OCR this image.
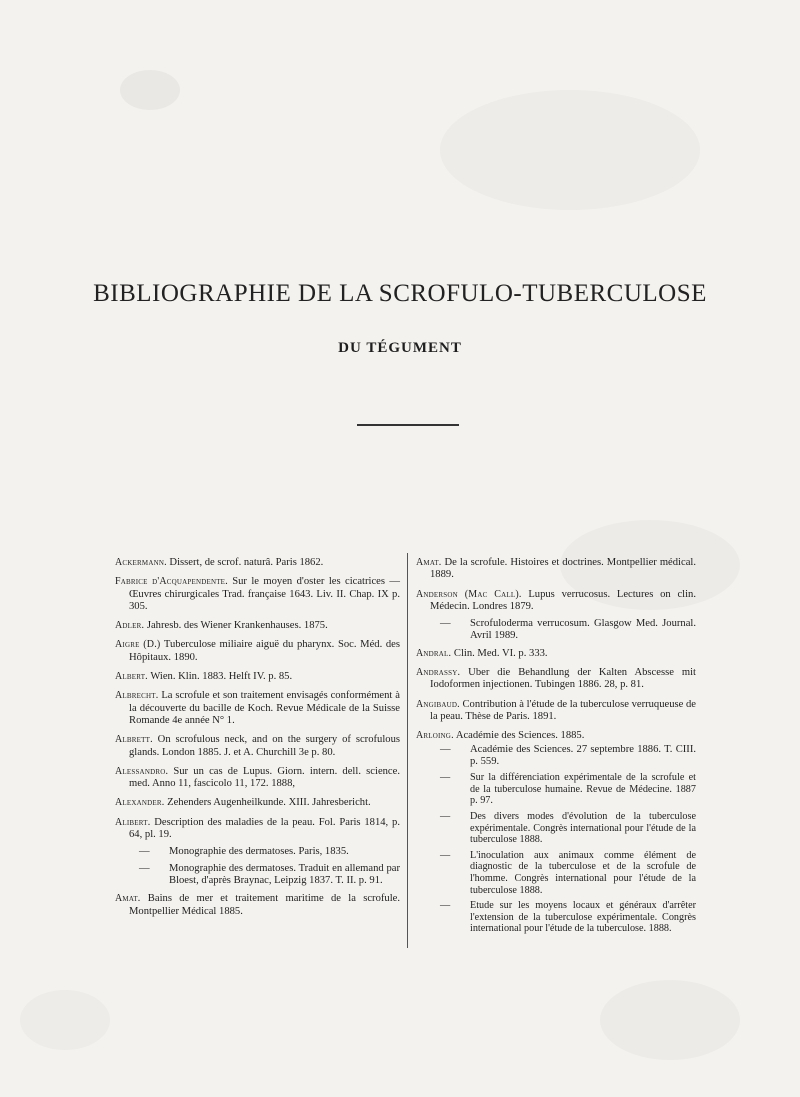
BIBLIOGRAPHIE DE LA SCROFULO-TUBERCULOSE
DU TÉGUMENT
Ackermann. Dissert, de scrof. naturâ. Paris 1862.
Fabrice d'Acquapendente. Sur le moyen d'oster les cicatrices — Œuvres chirurgicales Trad. française 1643. Liv. II. Chap. IX p. 305.
Adler. Jahresb. des Wiener Krankenhauses. 1875.
Aigre (D.) Tuberculose miliaire aiguë du pharynx. Soc. Méd. des Hôpitaux. 1890.
Albert. Wien. Klin. 1883. Helft IV. p. 85.
Albrecht. La scrofule et son traitement envisagés conformément à la découverte du bacille de Koch. Revue Médicale de la Suisse Romande 4e année N° 1.
Albrett. On scrofulous neck, and on the surgery of scrofulous glands. London 1885. J. et A. Churchill 3e p. 80.
Alessandro. Sur un cas de Lupus. Giorn. intern. dell. science. med. Anno 11, fascicolo 11, 172. 1888,
Alexander. Zehenders Augenheilkunde. XIII. Jahresbericht.
Alibert. Description des maladies de la peau. Fol. Paris 1814, p. 64, pl. 19.
— Monographie des dermatoses. Paris, 1835.
— Monographie des dermatoses. Traduit en allemand par Bloest, d'après Braynac, Leipzig 1837. T. II. p. 91.
Amat. Bains de mer et traitement maritime de la scrofule. Montpellier Médical 1885.
Amat. De la scrofule. Histoires et doctrines. Montpellier médical. 1889.
Anderson (Mac Call). Lupus verrucosus. Lectures on clin. Médecin. Londres 1879.
— Scrofuloderma verrucosum. Glasgow Med. Journal. Avril 1989.
Andral. Clin. Med. VI. p. 333.
Andrassy. Uber die Behandlung der Kalten Abscesse mit Iodoformen injectionen. Tubingen 1886. 28, p. 81.
Angibaud. Contribution à l'étude de la tuberculose verruqueuse de la peau. Thèse de Paris. 1891.
Arloing. Académie des Sciences. 1885.
— Académie des Sciences. 27 septembre 1886. T. CIII. p. 559.
— Sur la différenciation expérimentale de la scrofule et de la tuberculose humaine. Revue de Médecine. 1887 p. 97.
— Des divers modes d'évolution de la tuberculose expérimentale. Congrès international pour l'étude de la tuberculose 1888.
— L'inoculation aux animaux comme élément de diagnostic de la tuberculose et de la scrofule de l'homme. Congrès international pour l'étude de la tuberculose 1888.
— Etude sur les moyens locaux et généraux d'arrêter l'extension de la tuberculose expérimentale. Congrès international pour l'étude de la tuberculose. 1888.
